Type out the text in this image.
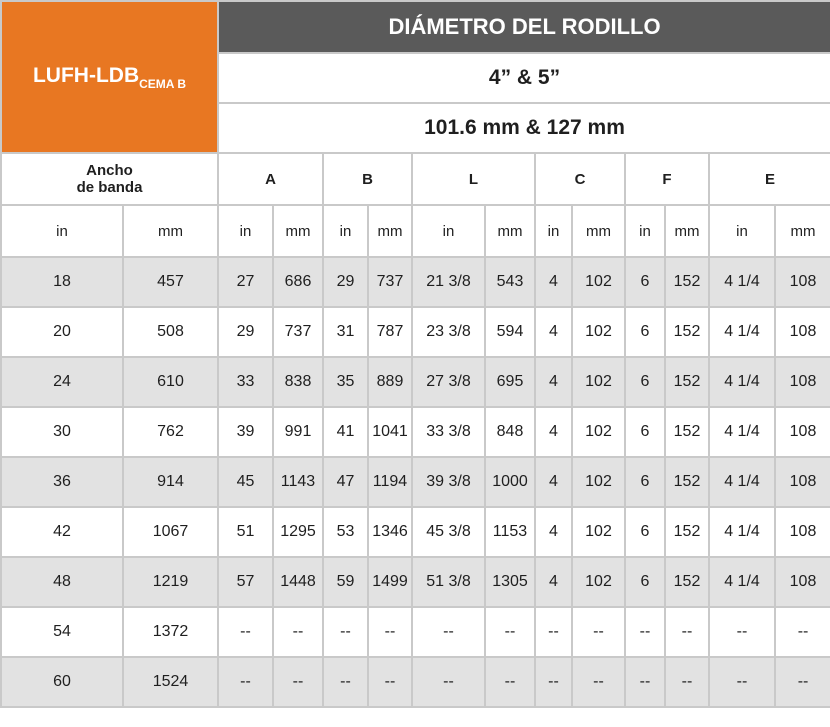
LUFH-$LDB_{CEMA B}$		DIÁMETRO DEL RODILLO											
		4” & 5”											
		101.6 mm & 127 mm											
Ancho
de banda		A		B		L		C		F		E	
in	mm	in	mm	in	mm	in	mm	in	mm	in	mm	in	mm
18	457	27	686	29	737	21 3/8	543	4	102	6	152	4 1/4	108
20	508	29	737	31	787	23 3/8	594	4	102	6	152	4 1/4	108
24	610	33	838	35	889	27 3/8	695	4	102	6	152	4 1/4	108
30	762	39	991	41	1041	33 3/8	848	4	102	6	152	4 1/4	108
36	914	45	1143	47	1194	39 3/8	1000	4	102	6	152	4 1/4	108
42	1067	51	1295	53	1346	45 3/8	1153	4	102	6	152	4 1/4	108
48	1219	57	1448	59	1499	51 3/8	1305	4	102	6	152	4 1/4	108
54	1372	--	--	--	--	--	--	--	--	--	--	--	--
60	1524	--	--	--	--	--	--	--	--	--	--	--	--
